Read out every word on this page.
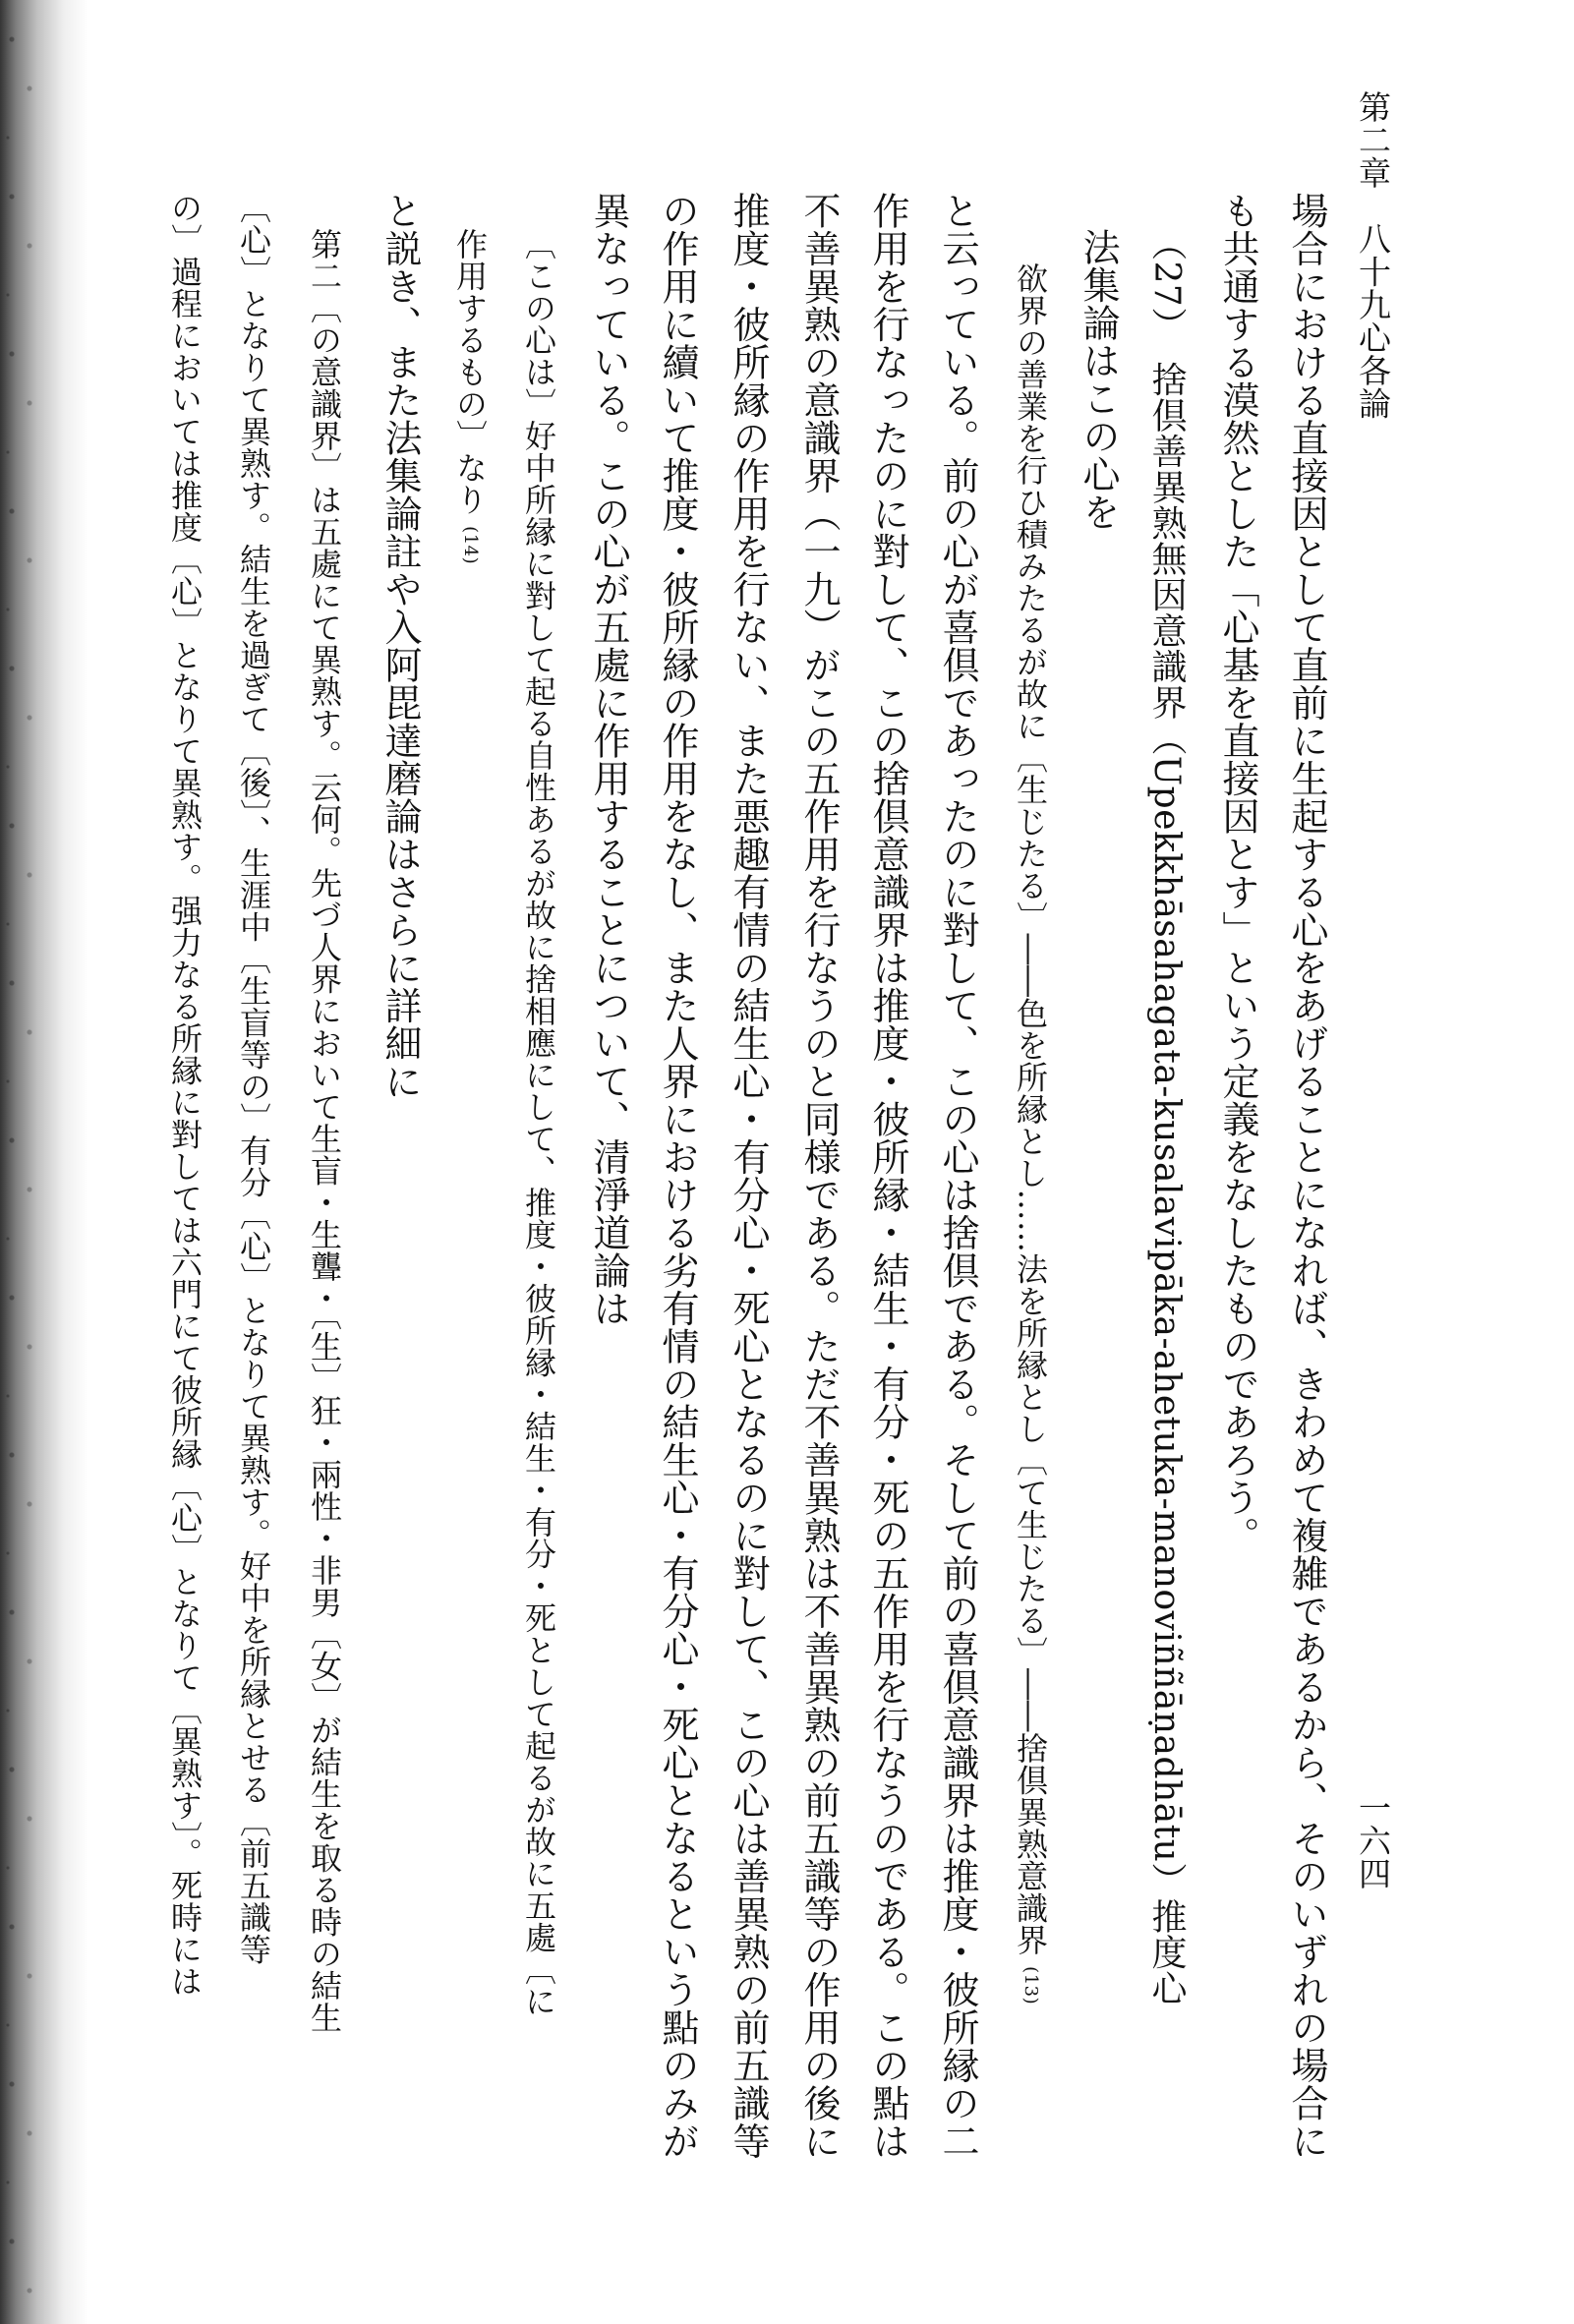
一六四
第二章　八十九心各論
場合における直接因として直前に生起する心をあげることになれば、きわめて複雑であるから、そのいずれの場合に
も共通する漠然とした「心基を直接因とす」という定義をなしたものであろう。
（27）　捨倶善異熟無因意識界（Upekkhāsahagata-kusalavipāka-ahetuka-manoviññāṇadhātu）推度心
法集論はこの心を
欲界の善業を行ひ積みたるが故に〔生じたる〕――色を所縁とし……法を所縁とし〔て生じたる〕――捨倶異熟意識界 (13)
と云っている。前の心が喜倶であったのに對して、この心は捨倶である。そして前の喜倶意識界は推度・彼所縁の二
作用を行なったのに對して、この捨倶意識界は推度・彼所縁・結生・有分・死の五作用を行なうのである。この點は
不善異熟の意識界（一九）がこの五作用を行なうのと同様である。ただ不善異熟は不善異熟の前五識等の作用の後に
推度・彼所縁の作用を行ない、また悪趣有情の結生心・有分心・死心となるのに對して、この心は善異熟の前五識等
の作用に續いて推度・彼所縁の作用をなし、また人界における劣有情の結生心・有分心・死心となるという點のみが
異なっている。この心が五處に作用することについて、清淨道論は
〔この心は〕好中所縁に對して起る自性あるが故に捨相應にして、推度・彼所縁・結生・有分・死として起るが故に五處〔に
作用するもの〕なり (14)
と説き、また法集論註や入阿毘達磨論はさらに詳細に
第二〔の意識界〕は五處にて異熟す。云何。先づ人界において生盲・生聾・〔生〕狂・兩性・非男〔女〕が結生を取る時の結生
〔心〕となりて異熟す。結生を過ぎて〔後〕、生涯中〔生盲等の〕有分〔心〕となりて異熟す。好中を所縁とせる〔前五識等
の〕過程においては推度〔心〕となりて異熟す。强力なる所縁に對しては六門にて彼所縁〔心〕となりて〔異熟す〕。死時には
